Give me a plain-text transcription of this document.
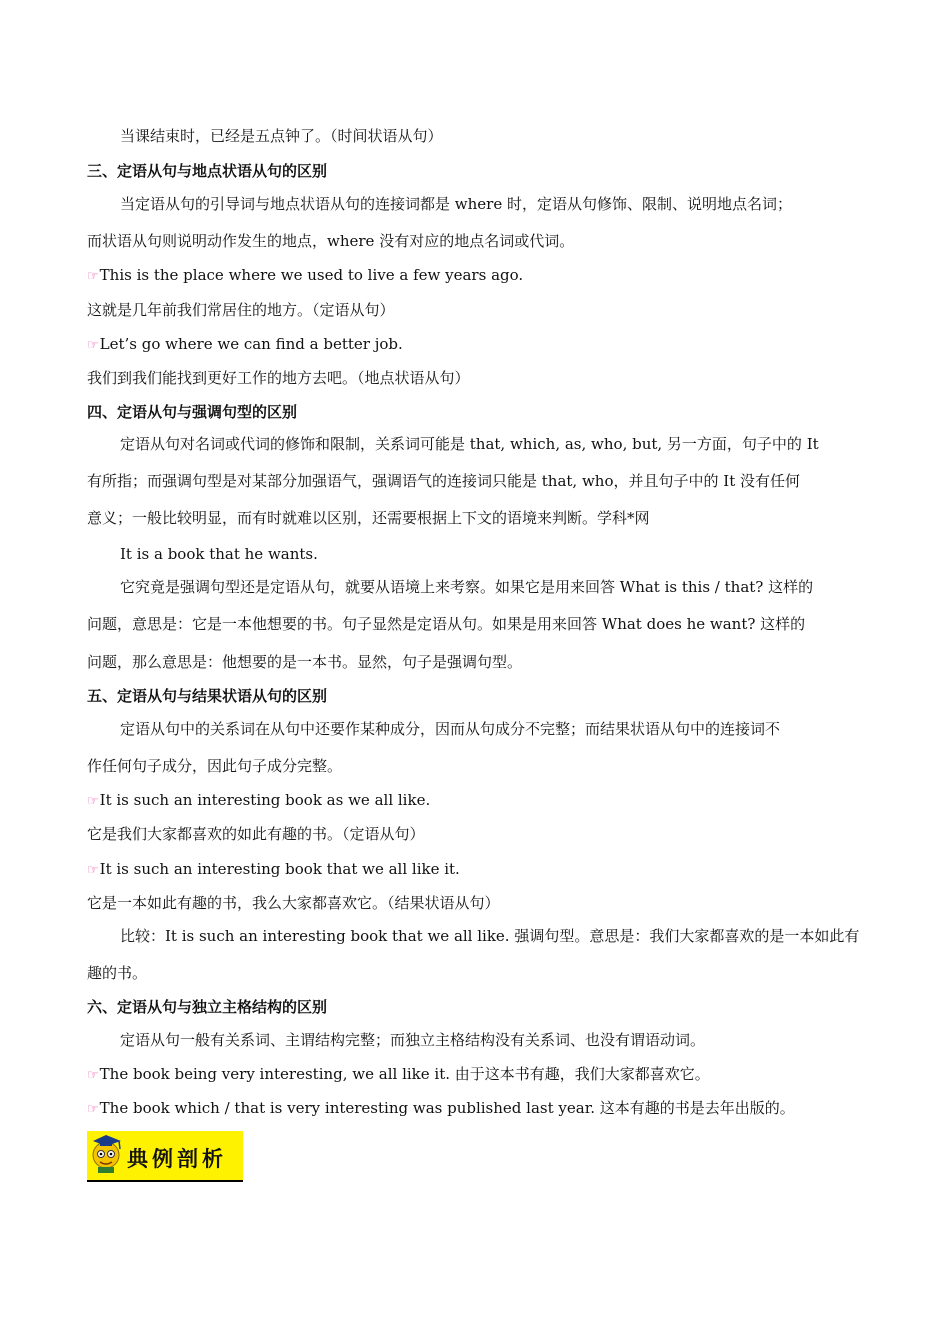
当课结束时，已经是五点钟了。（时间状语从句）
三、定语从句与地点状语从句的区别
当定语从句的引导词与地点状语从句的连接词都是 where 时，定语从句修饰、限制、说明地点名词；
而状语从句则说明动作发生的地点，where 没有对应的地点名词或代词。
☞This is the place where we used to live a few years ago.
这就是几年前我们常居住的地方。（定语从句）
☞Let’s go where we can find a better job.
我们到我们能找到更好工作的地方去吧。（地点状语从句）
四、定语从句与强调句型的区别
定语从句对名词或代词的修饰和限制，关系词可能是 that, which, as, who, but, 另一方面，句子中的 It
有所指；而强调句型是对某部分加强语气，强调语气的连接词只能是 that, who，并且句子中的 It 没有任何
意义；一般比较明显，而有时就难以区别，还需要根据上下文的语境来判断。学科*网
It is a book that he wants.
它究竟是强调句型还是定语从句，就要从语境上来考察。如果它是用来回答 What is this / that? 这样的
问题，意思是：它是一本他想要的书。句子显然是定语从句。如果是用来回答 What does he want? 这样的
问题，那么意思是：他想要的是一本书。显然，句子是强调句型。
五、定语从句与结果状语从句的区别
定语从句中的关系词在从句中还要作某种成分，因而从句成分不完整；而结果状语从句中的连接词不
作任何句子成分，因此句子成分完整。
☞It is such an interesting book as we all like.
它是我们大家都喜欢的如此有趣的书。（定语从句）
☞It is such an interesting book that we all like it.
它是一本如此有趣的书，我么大家都喜欢它。（结果状语从句）
比较：It is such an interesting book that we all like. 强调句型。意思是：我们大家都喜欢的是一本如此有
趣的书。
六、定语从句与独立主格结构的区别
定语从句一般有关系词、主谓结构完整；而独立主格结构没有关系词、也没有谓语动词。
☞The book being very interesting, we all like it. 由于这本书有趣，我们大家都喜欢它。
☞The book which / that is very interesting was published last year. 这本有趣的书是去年出版的。
典例剖析
